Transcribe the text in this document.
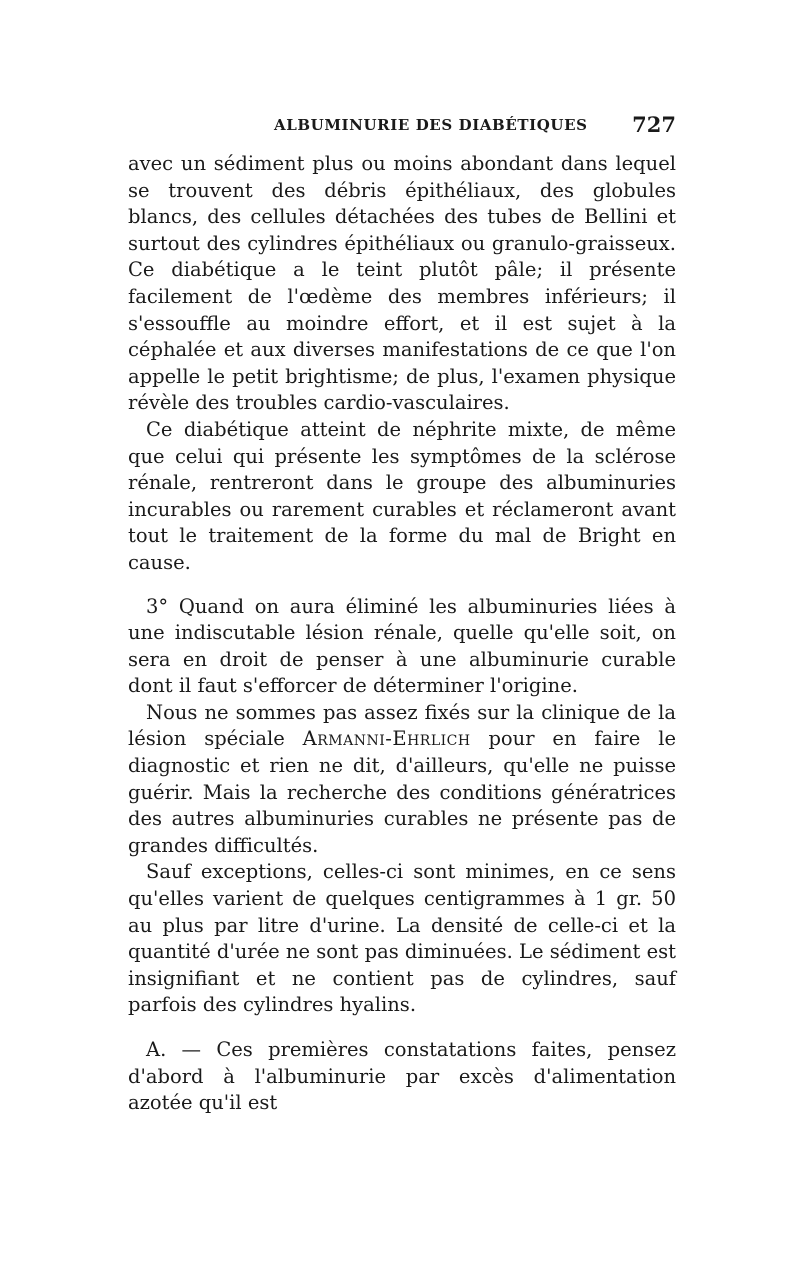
ALBUMINURIE DES DIABÉTIQUES 727

avec un sédiment plus ou moins abondant dans lequel se trouvent des débris épithéliaux, des globules blancs, des cellules détachées des tubes de Bellini et surtout des cylindres épithéliaux ou granulo-graisseux. Ce diabétique a le teint plutôt pâle; il présente facilement de l'œdème des membres inférieurs; il s'essouffle au moindre effort, et il est sujet à la céphalée et aux diverses manifestations de ce que l'on appelle le petit brightisme; de plus, l'examen physique révèle des troubles cardio-vasculaires.

Ce diabétique atteint de néphrite mixte, de même que celui qui présente les symptômes de la sclérose rénale, rentreront dans le groupe des albuminuries incurables ou rarement curables et réclameront avant tout le traitement de la forme du mal de Bright en cause.

3° Quand on aura éliminé les albuminuries liées à une indiscutable lésion rénale, quelle qu'elle soit, on sera en droit de penser à une albuminurie curable dont il faut s'efforcer de déterminer l'origine.

Nous ne sommes pas assez fixés sur la clinique de la lésion spéciale Armanni-Ehrlich pour en faire le diagnostic et rien ne dit, d'ailleurs, qu'elle ne puisse guérir. Mais la recherche des conditions génératrices des autres albuminuries curables ne présente pas de grandes difficultés.

Sauf exceptions, celles-ci sont minimes, en ce sens qu'elles varient de quelques centigrammes à 1 gr. 50 au plus par litre d'urine. La densité de celle-ci et la quantité d'urée ne sont pas diminuées. Le sédiment est insignifiant et ne contient pas de cylindres, sauf parfois des cylindres hyalins.

A. — Ces premières constatations faites, pensez d'abord à l'albuminurie par excès d'alimentation azotée qu'il est
